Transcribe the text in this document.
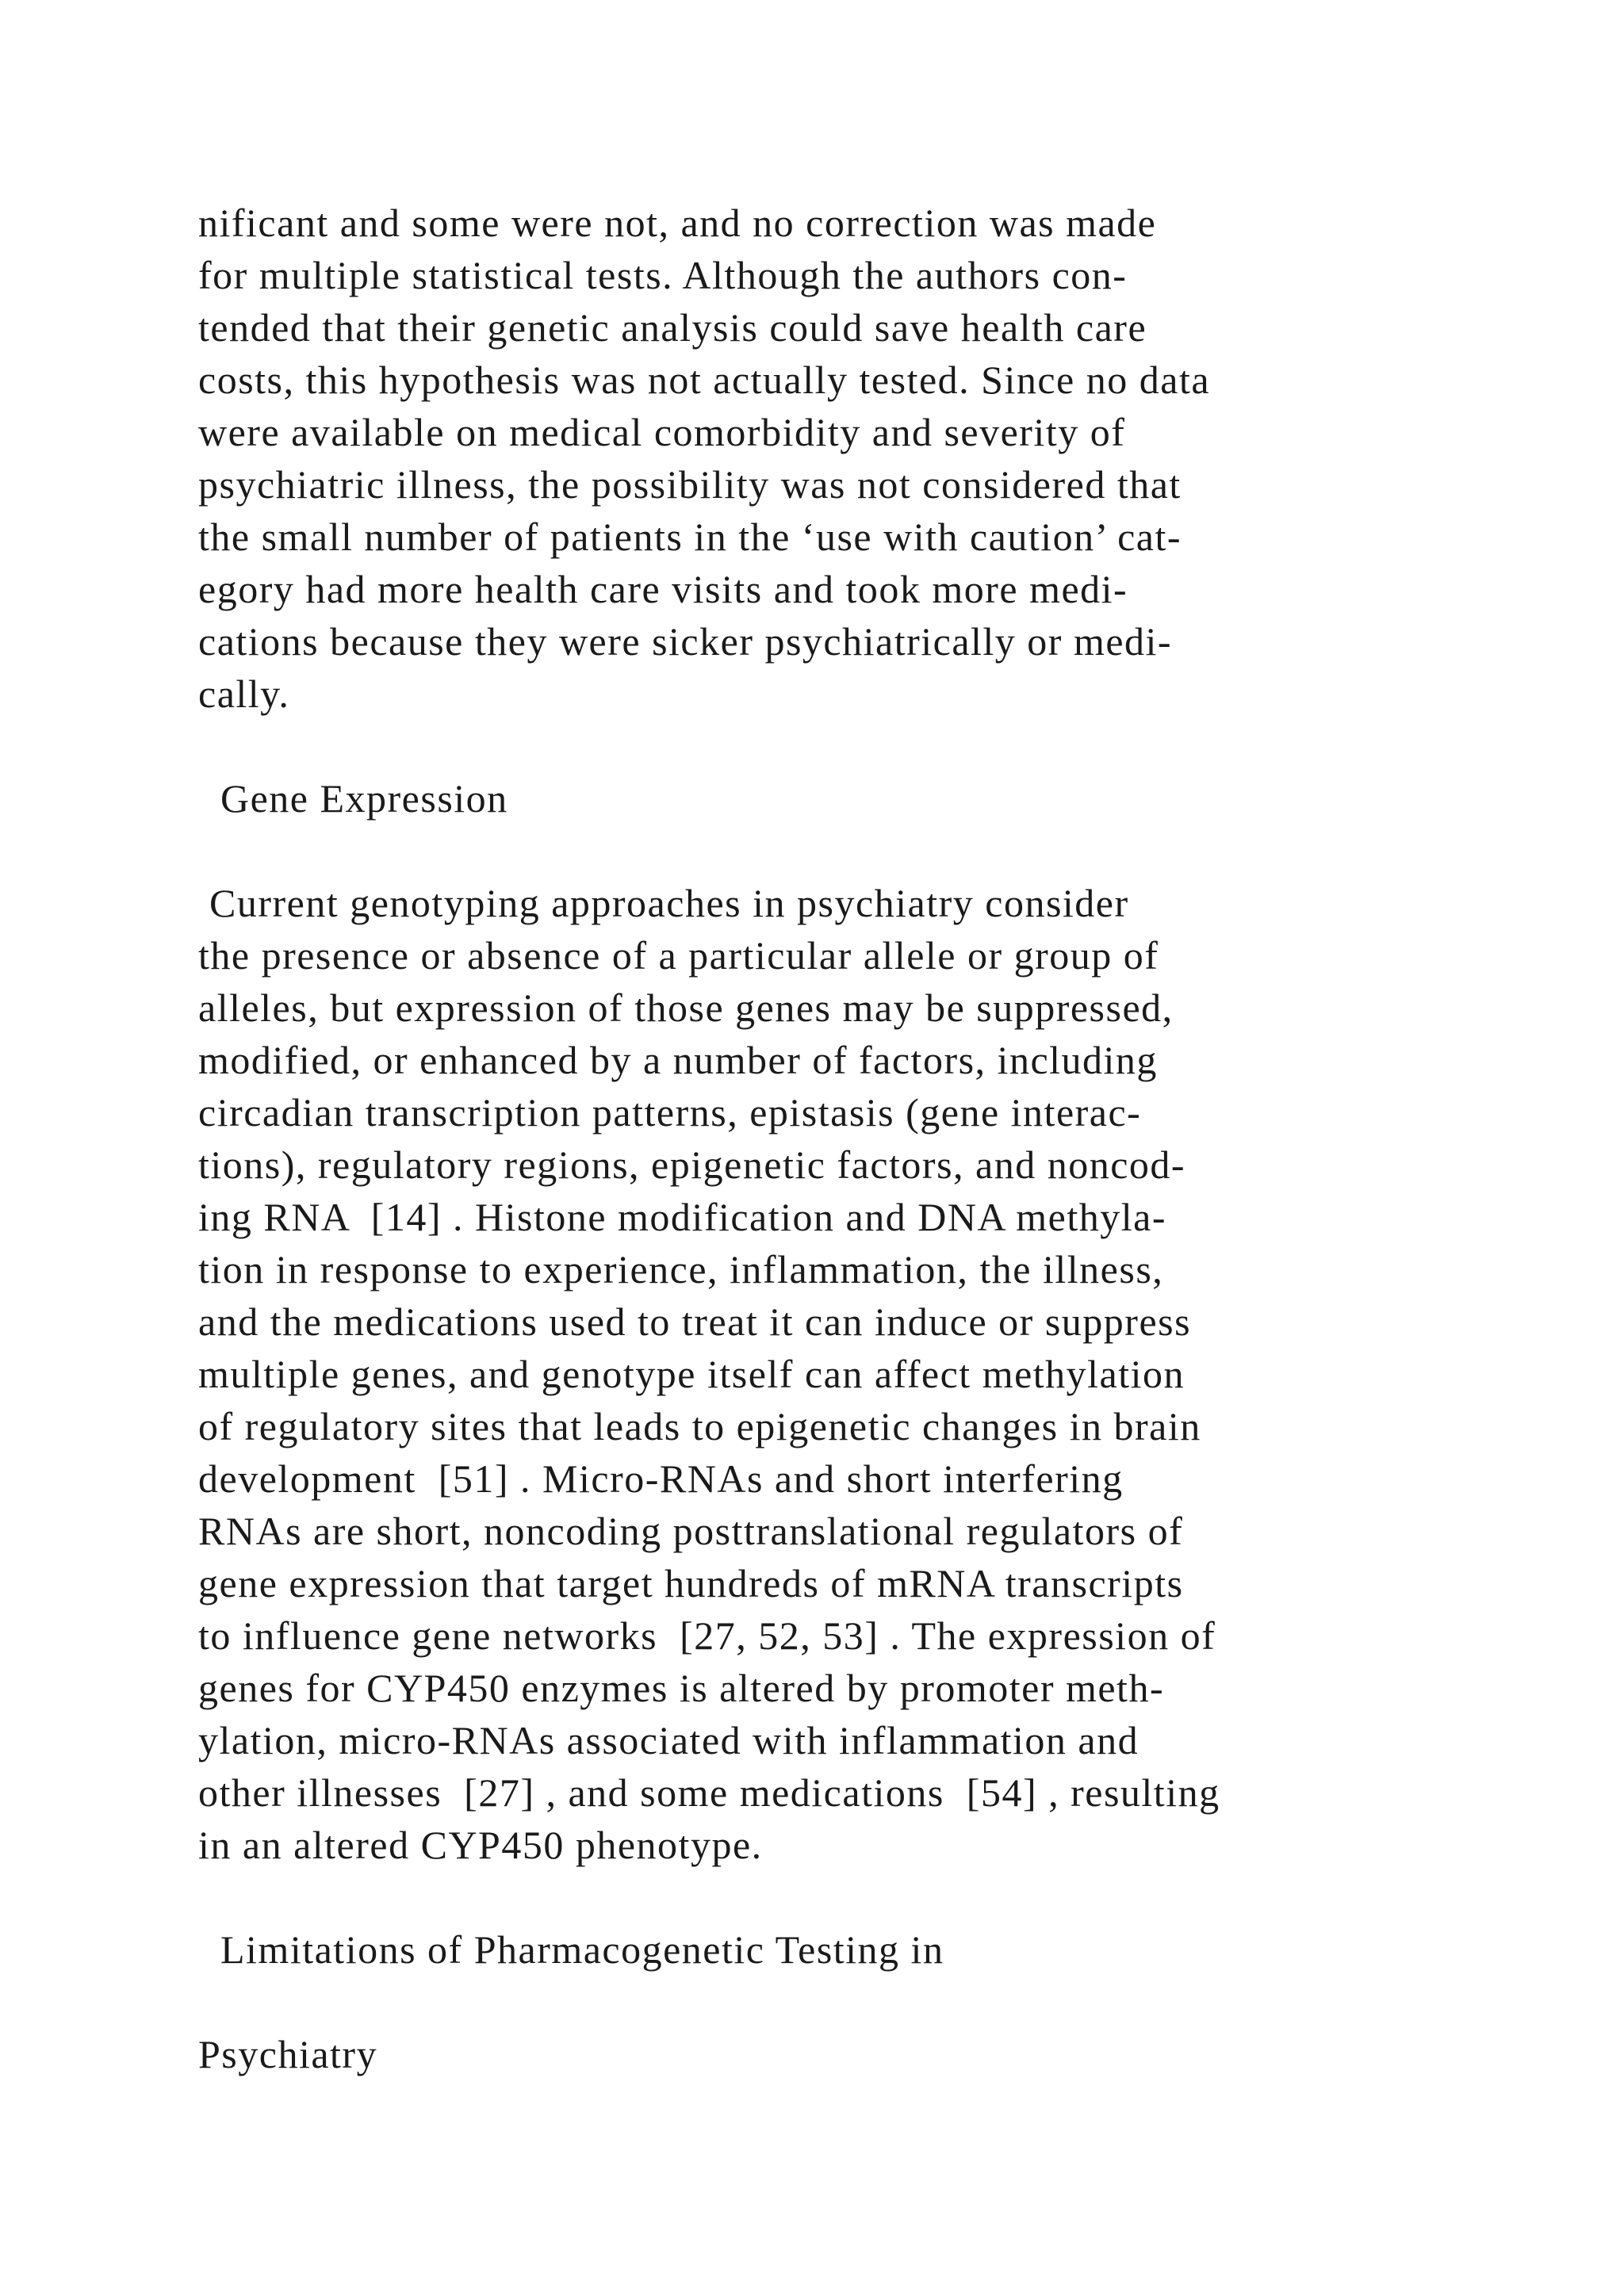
nificant and some were not, and no correction was made

for multiple statistical tests. Although the authors con-

tended that their genetic analysis could save health care

costs, this hypothesis was not actually tested. Since no data

were available on medical comorbidity and severity of

psychiatric illness, the possibility was not considered that

the small number of patients in the ‘use with caution’ cat-

egory had more health care visits and took more medi-

cations because they were sicker psychiatrically or medi-

cally.

Gene Expression

Current genotyping approaches in psychiatry consider

the presence or absence of a particular allele or group of

alleles, but expression of those genes may be suppressed,

modified, or enhanced by a number of factors, including

circadian transcription patterns, epistasis (gene interac-

tions), regulatory regions, epigenetic factors, and noncod-

ing RNA  [14] . Histone modification and DNA methyla-

tion in response to experience, inflammation, the illness,

and the medications used to treat it can induce or suppress

multiple genes, and genotype itself can affect methylation

of regulatory sites that leads to epigenetic changes in brain

development  [51] . Micro-RNAs and short interfering

RNAs are short, noncoding posttranslational regulators of

gene expression that target hundreds of mRNA transcripts

to influence gene networks  [27, 52, 53] . The expression of

genes for CYP450 enzymes is altered by promoter meth-

ylation, micro-RNAs associated with inflammation and

other illnesses  [27] , and some medications  [54] , resulting

in an altered CYP450 phenotype.

Limitations of Pharmacogenetic Testing in
Psychiatry
